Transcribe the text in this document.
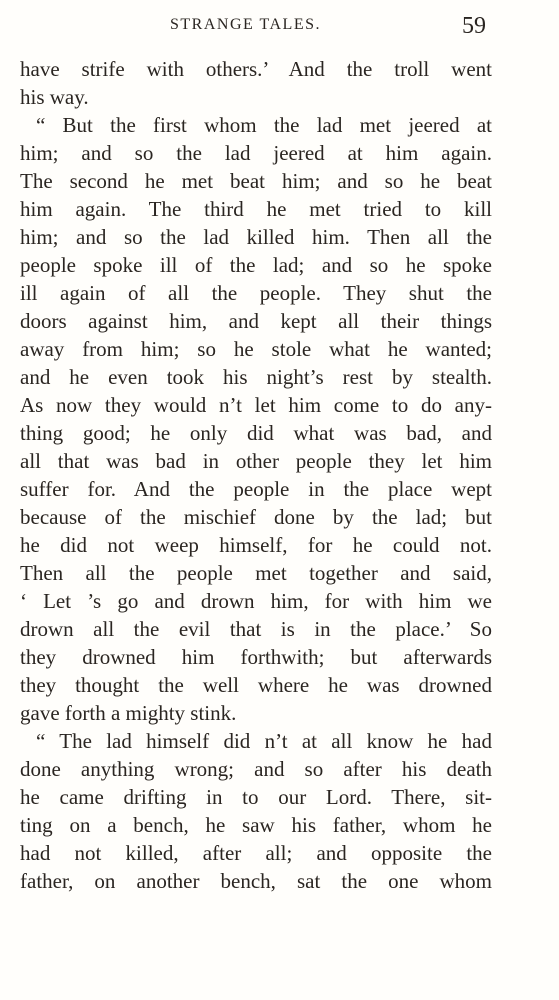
STRANGE TALES.	59
have strife with others.’ And the troll went
his way.
“ But the first whom the lad met jeered at
him; and so the lad jeered at him again.
The second he met beat him; and so he beat
him again. The third he met tried to kill
him; and so the lad killed him. Then all the
people spoke ill of the lad; and so he spoke
ill again of all the people. They shut the
doors against him, and kept all their things
away from him; so he stole what he wanted;
and he even took his night’s rest by stealth.
As now they would n’t let him come to do any-
thing good; he only did what was bad, and
all that was bad in other people they let him
suffer for. And the people in the place wept
because of the mischief done by the lad; but
he did not weep himself, for he could not.
Then all the people met together and said,
‘ Let ’s go and drown him, for with him we
drown all the evil that is in the place.’ So
they drowned him forthwith; but afterwards
they thought the well where he was drowned
gave forth a mighty stink.
“ The lad himself did n’t at all know he had
done anything wrong; and so after his death
he came drifting in to our Lord. There, sit-
ting on a bench, he saw his father, whom he
had not killed, after all; and opposite the
father, on another bench, sat the one whom
